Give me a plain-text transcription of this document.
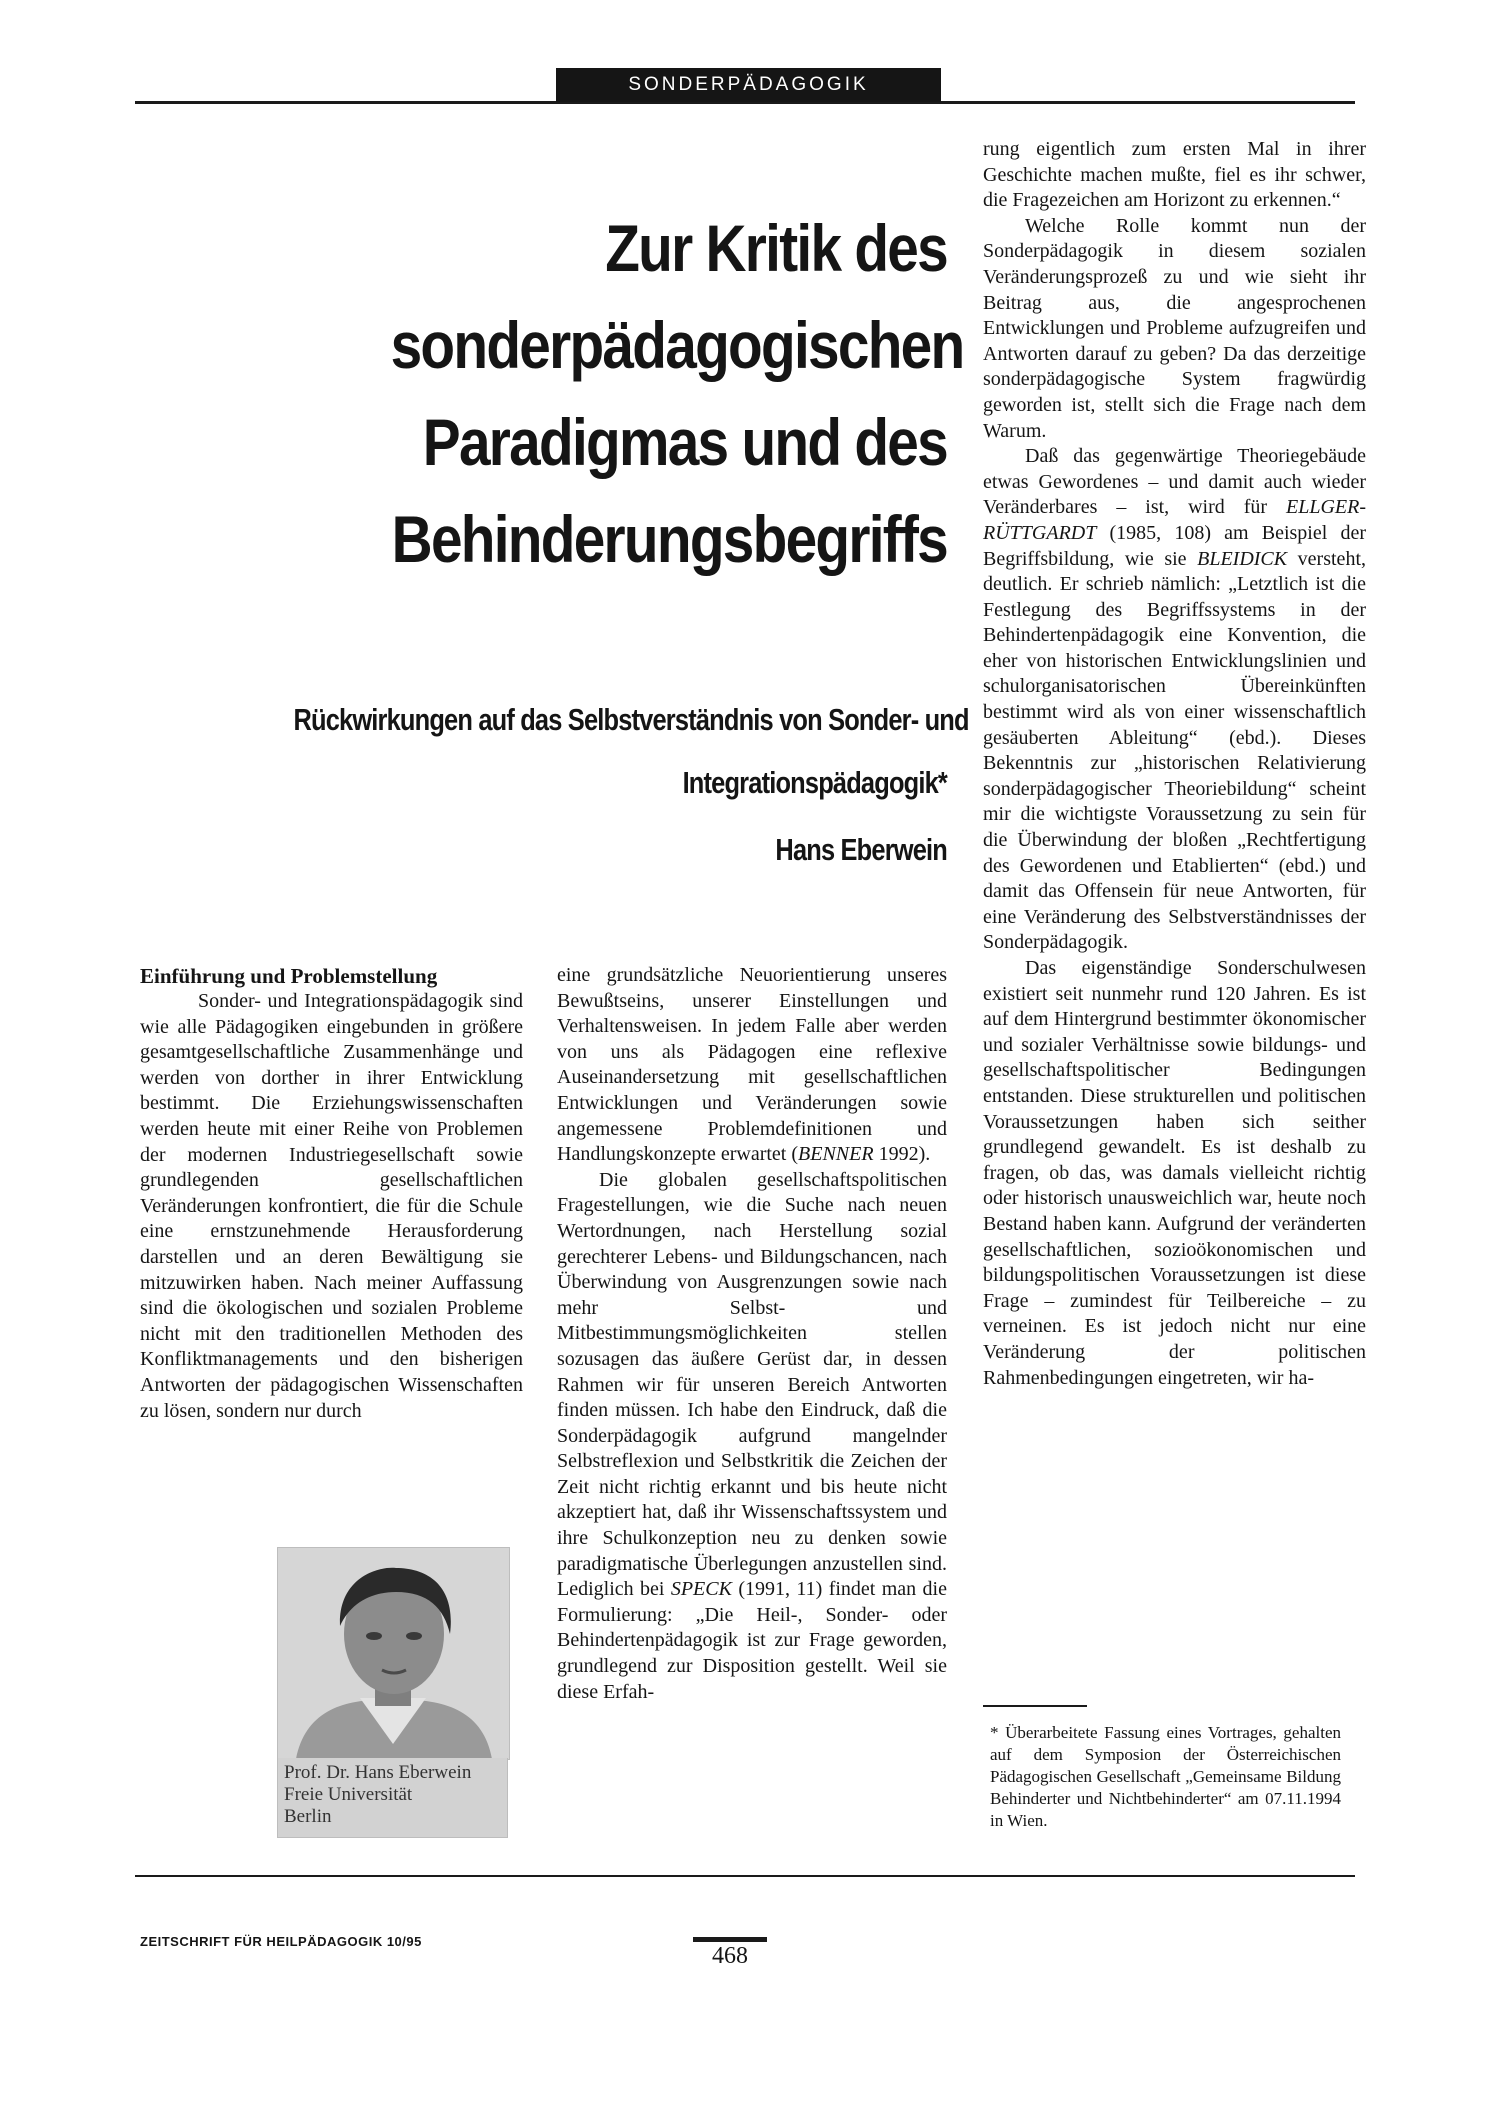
SONDERPÄDAGOGIK
Zur Kritik des
sonderpädagogischen
Paradigmas und des
Behinderungsbegriffs
Rückwirkungen auf das Selbstverständnis von Sonder- und
Integrationspädagogik*
Hans Eberwein
Einführung und Problemstellung

Sonder- und Integrationspädagogik sind wie alle Pädagogiken eingebunden in größere gesamtgesellschaftliche Zusammenhänge und werden von dorther in ihrer Entwicklung bestimmt. Die Erziehungswissenschaften werden heute mit einer Reihe von Problemen der modernen Industriegesellschaft sowie grundlegenden gesellschaftlichen Veränderungen konfrontiert, die für die Schule eine ernstzunehmende Herausforderung darstellen und an deren Bewältigung sie mitzuwirken haben. Nach meiner Auffassung sind die ökologischen und sozialen Probleme nicht mit den traditionellen Methoden des Konfliktmanagements und den bisherigen Antworten der pädagogischen Wissenschaften zu lösen, sondern nur durch

Prof. Dr. Hans Eberwein
Freie Universität
Berlin

eine grundsätzliche Neuorientierung unseres Bewußtseins, unserer Einstellungen und Verhaltensweisen. In jedem Falle aber werden von uns als Pädagogen eine reflexive Auseinandersetzung mit gesellschaftlichen Entwicklungen und Veränderungen sowie angemessene Problemdefinitionen und Handlungskonzepte erwartet (BENNER 1992).

Die globalen gesellschaftspolitischen Fragestellungen, wie die Suche nach neuen Wertordnungen, nach Herstellung sozial gerechterer Lebens- und Bildungschancen, nach Überwindung von Ausgrenzungen sowie nach mehr Selbst- und Mitbestimmungsmöglichkeiten stellen sozusagen das äußere Gerüst dar, in dessen Rahmen wir für unseren Bereich Antworten finden müssen. Ich habe den Eindruck, daß die Sonderpädagogik aufgrund mangelnder Selbstreflexion und Selbstkritik die Zeichen der Zeit nicht richtig erkannt und bis heute nicht akzeptiert hat, daß ihr Wissenschaftssystem und ihre Schulkonzeption neu zu denken sowie paradigmatische Überlegungen anzustellen sind. Lediglich bei SPECK (1991, 11) findet man die Formulierung: „Die Heil-, Sonder- oder Behindertenpädagogik ist zur Frage geworden, grundlegend zur Disposition gestellt. Weil sie diese Erfah-

rung eigentlich zum ersten Mal in ihrer Geschichte machen mußte, fiel es ihr schwer, die Fragezeichen am Horizont zu erkennen.“

Welche Rolle kommt nun der Sonderpädagogik in diesem sozialen Veränderungsprozeß zu und wie sieht ihr Beitrag aus, die angesprochenen Entwicklungen und Probleme aufzugreifen und Antworten darauf zu geben? Da das derzeitige sonderpädagogische System fragwürdig geworden ist, stellt sich die Frage nach dem Warum.

Daß das gegenwärtige Theoriegebäude etwas Gewordenes – und damit auch wieder Veränderbares – ist, wird für ELLGER-RÜTTGARDT (1985, 108) am Beispiel der Begriffsbildung, wie sie BLEIDICK versteht, deutlich. Er schrieb nämlich: „Letztlich ist die Festlegung des Begriffssystems in der Behindertenpädagogik eine Konvention, die eher von historischen Entwicklungslinien und schulorganisatorischen Übereinkünften bestimmt wird als von einer wissenschaftlich gesäuberten Ableitung“ (ebd.). Dieses Bekenntnis zur „historischen Relativierung sonderpädagogischer Theoriebildung“ scheint mir die wichtigste Voraussetzung zu sein für die Überwindung der bloßen „Rechtfertigung des Gewordenen und Etablierten“ (ebd.) und damit das Offensein für neue Antworten, für eine Veränderung des Selbstverständnisses der Sonderpädagogik.

Das eigenständige Sonderschulwesen existiert seit nunmehr rund 120 Jahren. Es ist auf dem Hintergrund bestimmter ökonomischer und sozialer Verhältnisse sowie bildungs- und gesellschaftspolitischer Bedingungen entstanden. Diese strukturellen und politischen Voraussetzungen haben sich seither grundlegend gewandelt. Es ist deshalb zu fragen, ob das, was damals vielleicht richtig oder historisch unausweichlich war, heute noch Bestand haben kann. Aufgrund der veränderten gesellschaftlichen, sozioökonomischen und bildungspolitischen Voraussetzungen ist diese Frage – zumindest für Teilbereiche – zu verneinen. Es ist jedoch nicht nur eine Veränderung der politischen Rahmenbedingungen eingetreten, wir ha-

* Überarbeitete Fassung eines Vortrages, gehalten auf dem Symposion der Österreichischen Pädagogischen Gesellschaft „Gemeinsame Bildung Behinderter und Nichtbehinderter“ am 07.11.1994 in Wien.
ZEITSCHRIFT FÜR HEILPÄDAGOGIK 10/95
468
